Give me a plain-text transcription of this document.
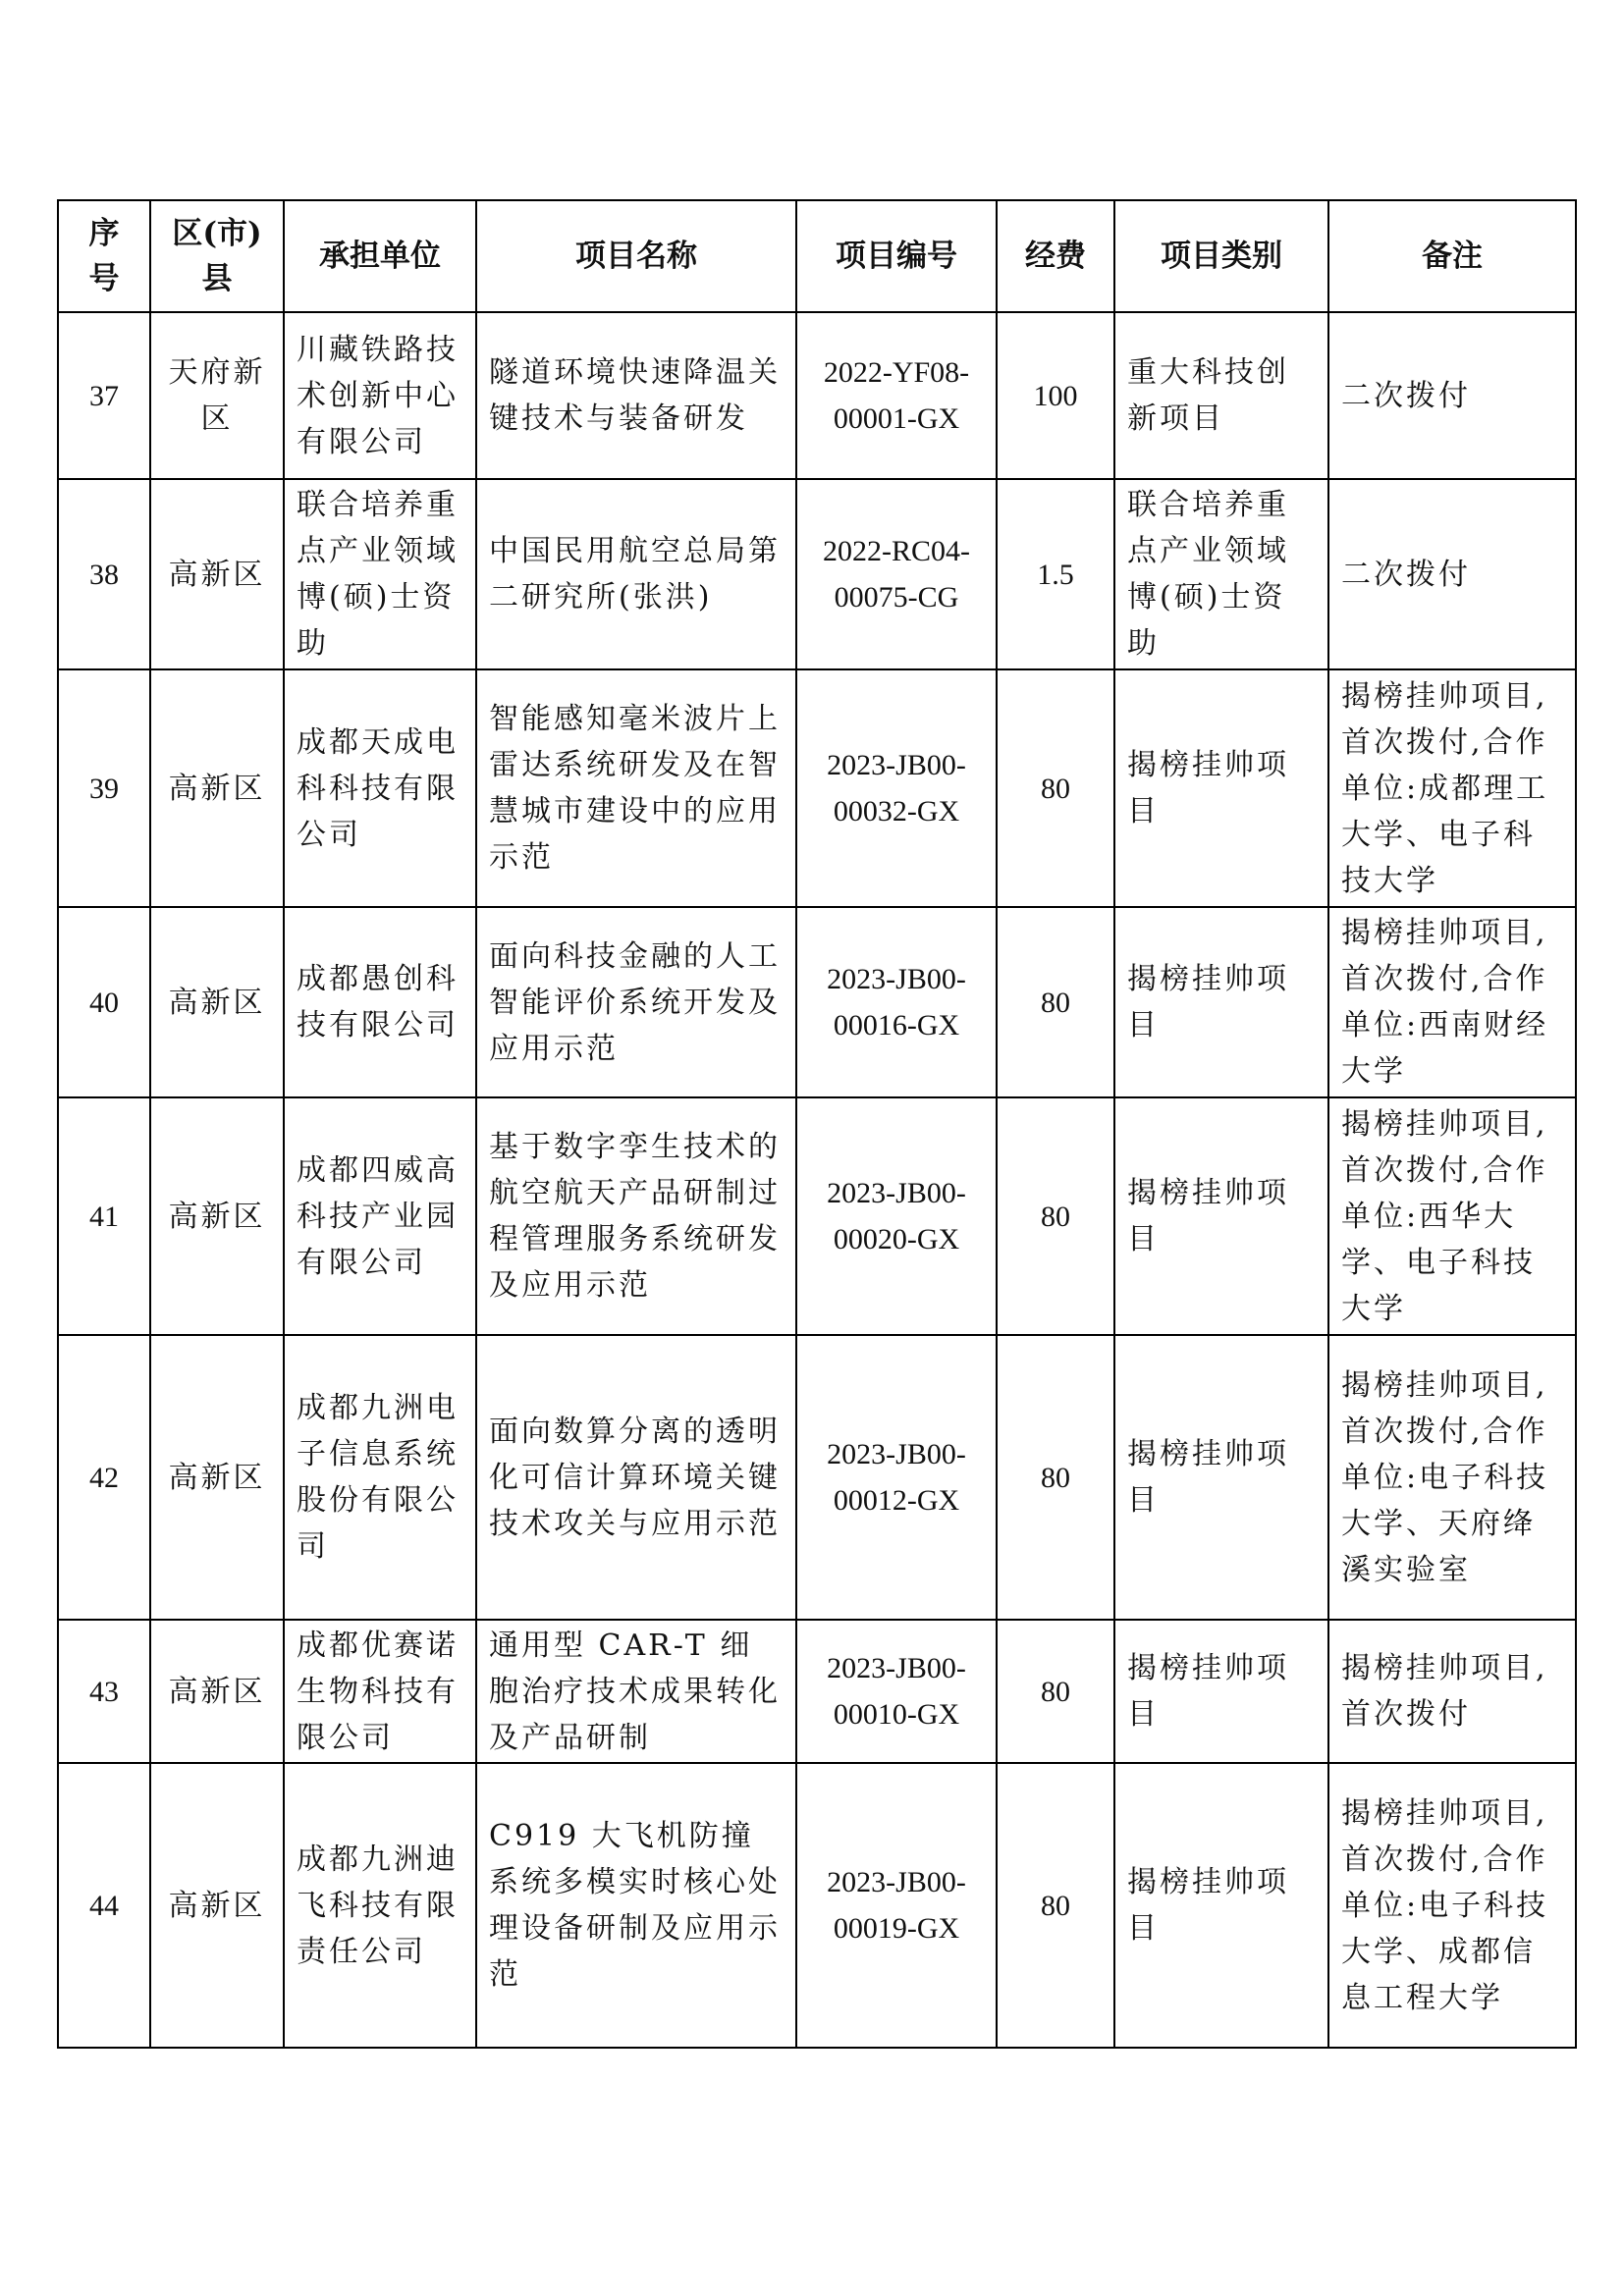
序号	区(市)县	承担单位	项目名称	项目编号	经费	项目类别	备注
37	天府新区	川藏铁路技术创新中心有限公司	隧道环境快速降温关键技术与装备研发	2022-YF08-00001-GX	100	重大科技创新项目	二次拨付
38	高新区	联合培养重点产业领域博(硕)士资助	中国民用航空总局第二研究所(张洪)	2022-RC04-00075-CG	1.5	联合培养重点产业领域博(硕)士资助	二次拨付
39	高新区	成都天成电科科技有限公司	智能感知毫米波片上雷达系统研发及在智慧城市建设中的应用示范	2023-JB00-00032-GX	80	揭榜挂帅项目	揭榜挂帅项目,首次拨付,合作单位:成都理工大学、电子科技大学
40	高新区	成都愚创科技有限公司	面向科技金融的人工智能评价系统开发及应用示范	2023-JB00-00016-GX	80	揭榜挂帅项目	揭榜挂帅项目,首次拨付,合作单位:西南财经大学
41	高新区	成都四威高科技产业园有限公司	基于数字孪生技术的航空航天产品研制过程管理服务系统研发及应用示范	2023-JB00-00020-GX	80	揭榜挂帅项目	揭榜挂帅项目,首次拨付,合作单位:西华大学、电子科技大学
42	高新区	成都九洲电子信息系统股份有限公司	面向数算分离的透明化可信计算环境关键技术攻关与应用示范	2023-JB00-00012-GX	80	揭榜挂帅项目	揭榜挂帅项目,首次拨付,合作单位:电子科技大学、天府绛溪实验室
43	高新区	成都优赛诺生物科技有限公司	通用型 CAR-T 细胞治疗技术成果转化及产品研制	2023-JB00-00010-GX	80	揭榜挂帅项目	揭榜挂帅项目,首次拨付
44	高新区	成都九洲迪飞科技有限责任公司	C919 大飞机防撞系统多模实时核心处理设备研制及应用示范	2023-JB00-00019-GX	80	揭榜挂帅项目	揭榜挂帅项目,首次拨付,合作单位:电子科技大学、成都信息工程大学
